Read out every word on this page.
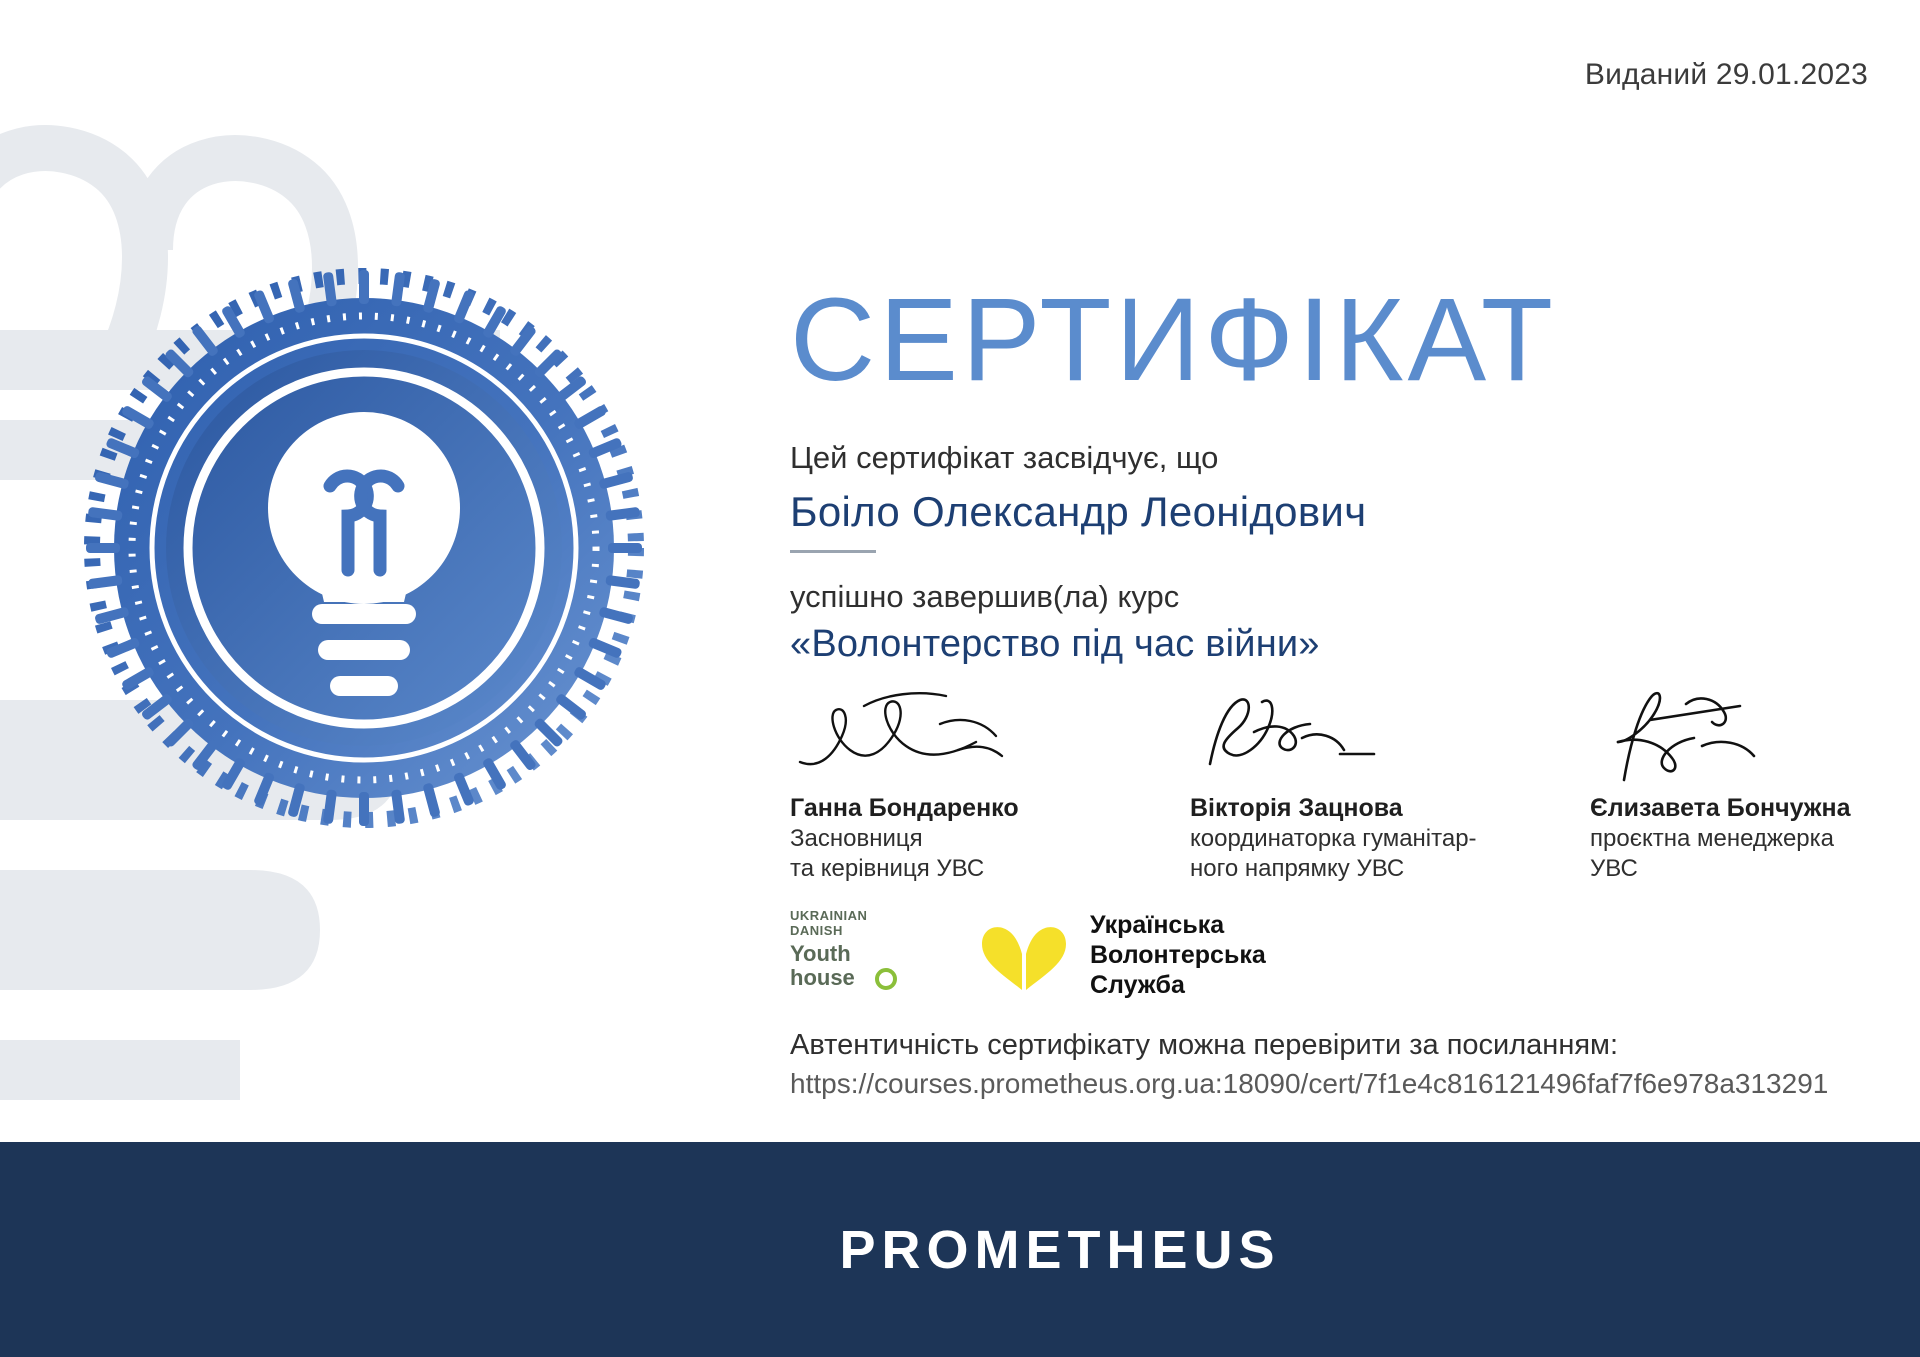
Виданий 29.01.2023
СЕРТИФІКАТ
Цей сертифікат засвідчує, що
Боіло Олександр Леонідович
успішно завершив(ла) курс
«Волонтерство під час війни»
Ганна Бондаренко
Засновниця
та керівниця УВС
Вікторія Зацнова
координаторка гуманітар-
ного напрямку УВС
Єлизавета Бончужна
проєктна менеджерка
УВС
UKRAINIAN
DANISH
Youth
house
Українська
Волонтерська
Служба
Автентичність сертифікату можна перевірити за посиланням:
https://courses.prometheus.org.ua:18090/cert/7f1e4c816121496faf7f6e978a313291
PROMETHEUS
